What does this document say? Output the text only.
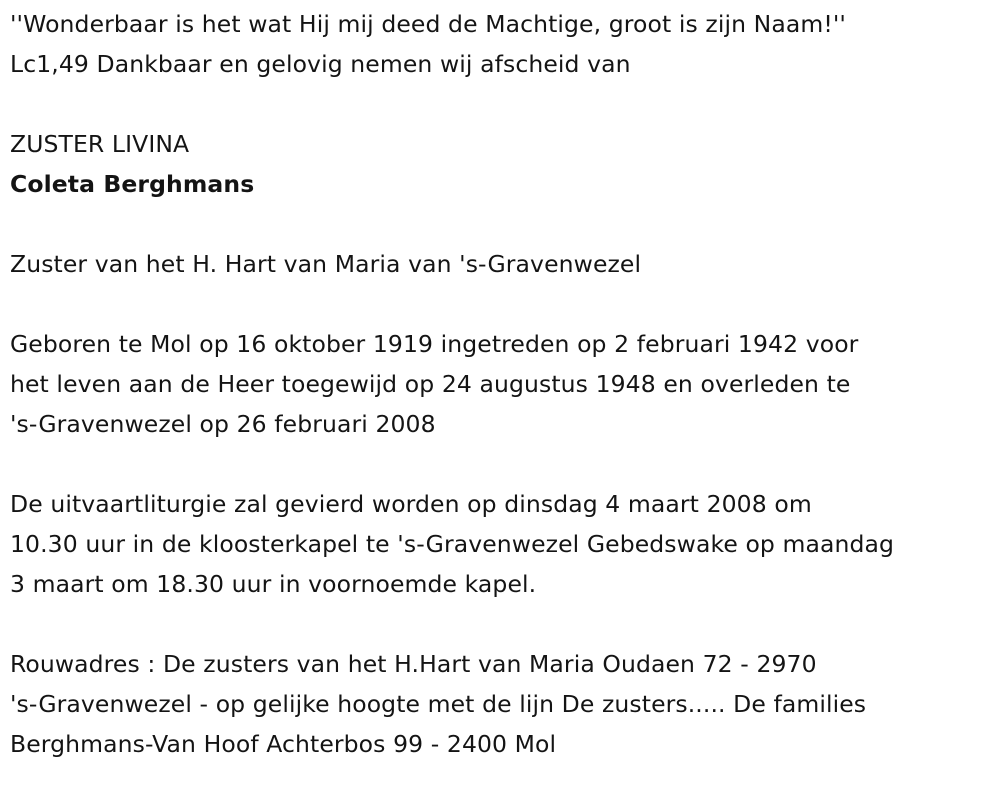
''Wonderbaar is het wat Hij mij deed de Machtige, groot is zijn Naam!''
Lc1,49 Dankbaar en gelovig nemen wij afscheid van
ZUSTER LIVINA
Coleta Berghmans
Zuster van het H. Hart van Maria van 's-Gravenwezel
Geboren te Mol op 16 oktober 1919 ingetreden op 2 februari 1942 voor
het leven aan de Heer toegewijd op 24 augustus 1948 en overleden te
's-Gravenwezel op 26 februari 2008
De uitvaartliturgie zal gevierd worden op dinsdag 4 maart 2008 om
10.30 uur in de kloosterkapel te 's-Gravenwezel Gebedswake op maandag
3 maart om 18.30 uur in voornoemde kapel.
Rouwadres : De zusters van het H.Hart van Maria Oudaen 72 - 2970
's-Gravenwezel - op gelijke hoogte met de lijn De zusters..... De families
Berghmans-Van Hoof Achterbos 99 - 2400 Mol
